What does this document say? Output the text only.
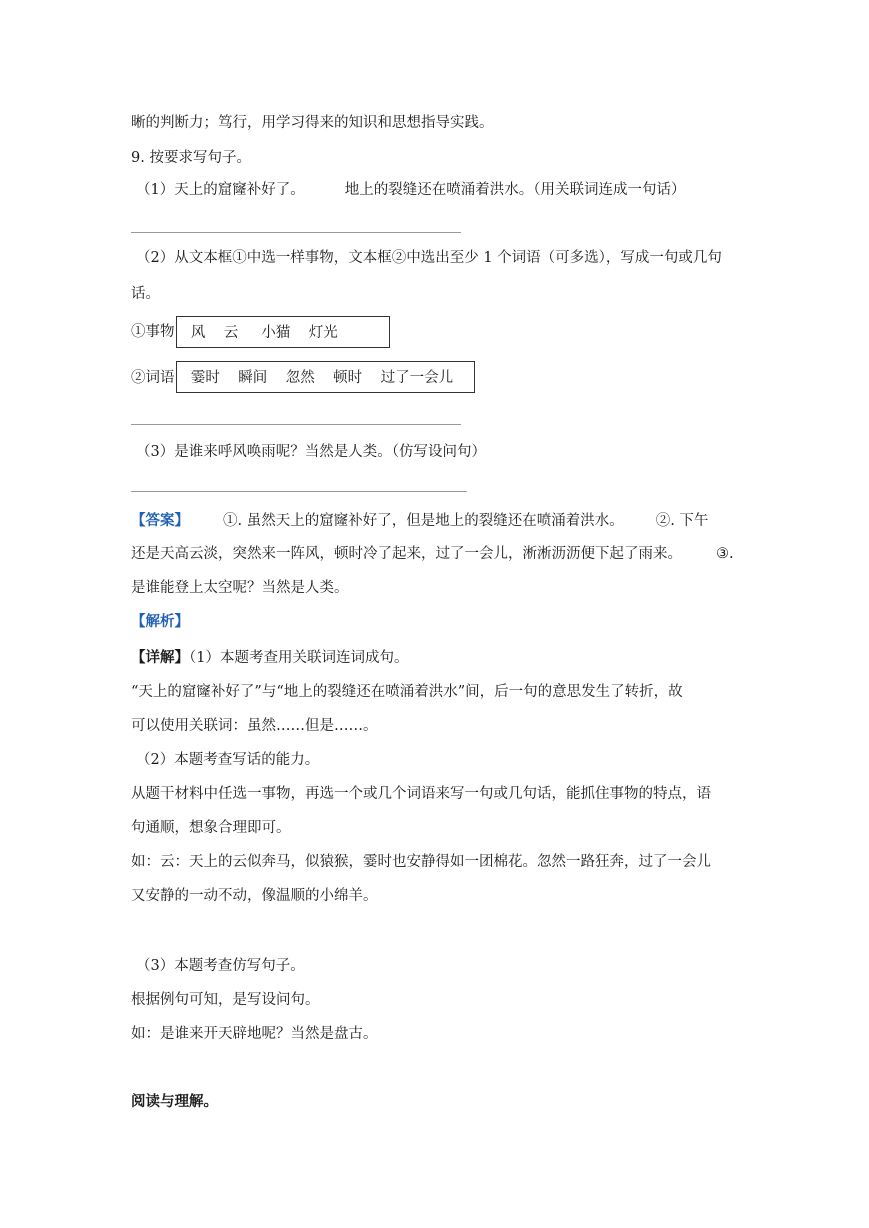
晰的判断力；笃行，用学习得来的知识和思想指导实践。
9. 按要求写句子。
（1）天上的窟窿补好了。	地上的裂缝还在喷涌着洪水。（用关联词连成一句话）
（2）从文本框①中选一样事物，文本框②中选出至少 1 个词语（可多选），写成一句或几句
话。
①事物 风    云     小猫    灯光
②词语 霎时    瞬间    忽然    顿时    过了一会儿
（3）是谁来呼风唤雨呢？当然是人类。（仿写设问句）
【答案】 ①. 虽然天上的窟窿补好了，但是地上的裂缝还在喷涌着洪水。 ②. 下午
还是天高云淡，突然来一阵风，顿时冷了起来，过了一会儿，淅淅沥沥便下起了雨来。 ③.
是谁能登上太空呢？当然是人类。
【解析】
【详解】（1）本题考查用关联词连词成句。
“天上的窟窿补好了”与“地上的裂缝还在喷涌着洪水”间，后一句的意思发生了转折，故
可以使用关联词：虽然……但是……。
（2）本题考查写话的能力。
从题干材料中任选一事物，再选一个或几个词语来写一句或几句话，能抓住事物的特点，语
句通顺，想象合理即可。
如：云：天上的云似奔马，似猿猴，霎时也安静得如一团棉花。忽然一路狂奔，过了一会儿
又安静的一动不动，像温顺的小绵羊。
（3）本题考查仿写句子。
根据例句可知，是写设问句。
如：是谁来开天辟地呢？当然是盘古。
阅读与理解。
